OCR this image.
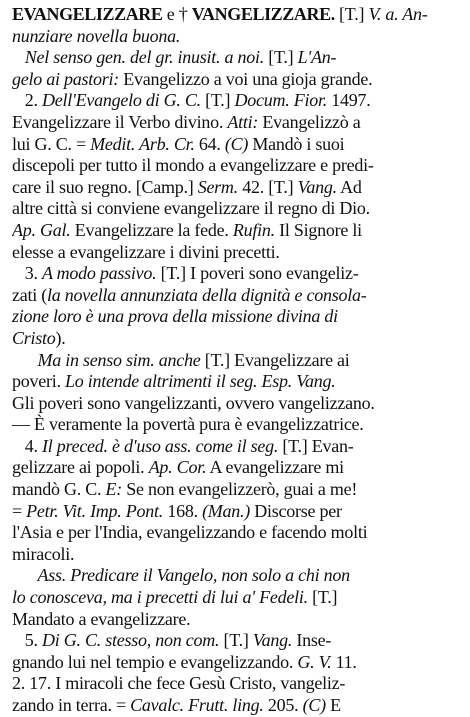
EVANGELIZZARE e † VANGELIZZARE. [T.] V. a. An-
nunziare novella buona.
Nel senso gen. del gr. inusit. a noi. [T.] L'An-
gelo ai pastori: Evangelizzo a voi una gioja grande.
2. Dell'Evangelo di G. C. [T.] Docum. Fior. 1497.
Evangelizzare il Verbo divino. Atti: Evangelizzò a
lui G. C. = Medit. Arb. Cr. 64. (C) Mandò i suoi
discepoli per tutto il mondo a evangelizzare e predi-
care il suo regno. [Camp.] Serm. 42. [T.] Vang. Ad
altre città si conviene evangelizzare il regno di Dio.
Ap. Gal. Evangelizzare la fede. Rufin. Il Signore li
elesse a evangelizzare i divini precetti.
3. A modo passivo. [T.] I poveri sono evangeliz-
zati (la novella annunziata della dignità e consola-
zione loro è una prova della missione divina di
Cristo).
Ma in senso sim. anche [T.] Evangelizzare ai
poveri. Lo intende altrimenti il seg. Esp. Vang.
Gli poveri sono vangelizzanti, ovvero vangelizzano.
— È veramente la povertà pura è evangelizzatrice.
4. Il preced. è d'uso ass. come il seg. [T.] Evan-
gelizzare ai popoli. Ap. Cor. A evangelizzare mi
mandò G. C. E: Se non evangelizzerò, guai a me!
= Petr. Vit. Imp. Pont. 168. (Man.) Discorse per
l'Asia e per l'India, evangelizzando e facendo molti
miracoli.
Ass. Predicare il Vangelo, non solo a chi non
lo conosceva, ma i precetti di lui a' Fedeli. [T.]
Mandato a evangelizzare.
5. Di G. C. stesso, non com. [T.] Vang. Inse-
gnando lui nel tempio e evangelizzando. G. V. 11.
2. 17. I miracoli che fece Gesù Cristo, vangeliz-
zando in terra. = Cavalc. Frutt. ling. 205. (C) E
